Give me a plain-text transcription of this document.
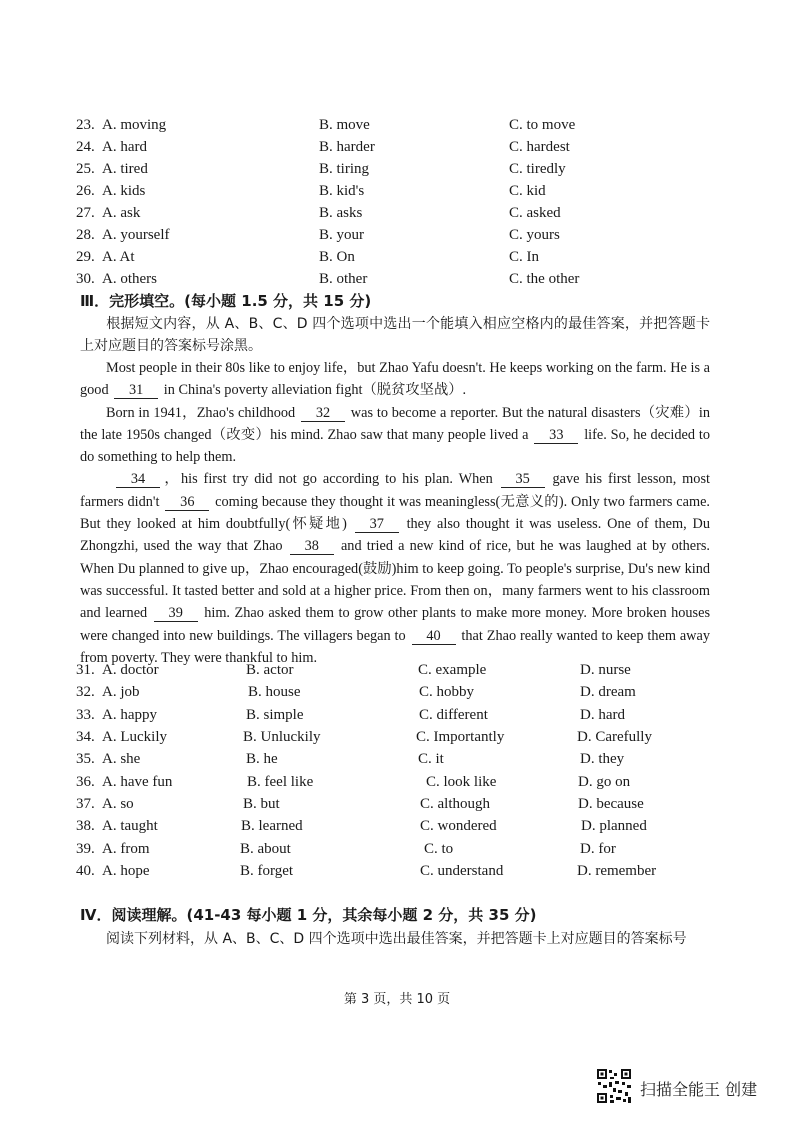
23. A. moving	B. move	C. to move
24. A. hard	B. harder	C. hardest
25. A. tired	B. tiring	C. tiredly
26. A. kids	B. kid's	C. kid
27. A. ask	B. asks	C. asked
28. A. yourself	B. your	C. yours
29. A. At	B. On	C. In
30. A. others	B. other	C. the other
Ⅲ．完形填空。(每小题 1.5 分，共 15 分)
根据短文内容，从 A、B、C、D 四个选项中选出一个能填入相应空格内的最佳答案，并把答题卡上对应题目的答案标号涂黑。
Most people in their 80s like to enjoy life，but Zhao Yafu doesn't. He keeps working on the farm. He is a good 31 in China's poverty alleviation fight（脱贫攻坚战）.
Born in 1941，Zhao's childhood 32 was to become a reporter. But the natural disasters（灾难）in the late 1950s changed（改变）his mind. Zhao saw that many people lived a 33 life. So, he decided to do something to help them.
34 ，his first try did not go according to his plan. When 35 gave his first lesson, most farmers didn't 36 coming because they thought it was meaningless(无意义的). Only two farmers came. But they looked at him doubtfully(怀疑地) 37 they also thought it was useless. One of them, Du Zhongzhi, used the way that Zhao 38 and tried a new kind of rice, but he was laughed at by others. When Du planned to give up，Zhao encouraged(鼓励)him to keep going. To people's surprise, Du's new kind was successful. It tasted better and sold at a higher price. From then on，many farmers went to his classroom and learned 39 him. Zhao asked them to grow other plants to make more money. More broken houses were changed into new buildings. The villagers began to 40 that Zhao really wanted to keep them away from poverty. They were thankful to him.
31. A. doctor	B. actor	C. example	D. nurse
32. A. job	B. house	C. hobby	D. dream
33. A. happy	B. simple	C. different	D. hard
34. A. Luckily	B. Unluckily	C. Importantly	D. Carefully
35. A. she	B. he	C. it	D. they
36. A. have fun	B. feel like	C. look like	D. go on
37. A. so	B. but	C. although	D. because
38. A. taught	B. learned	C. wondered	D. planned
39. A. from	B. about	C. to	D. for
40. A. hope	B. forget	C. understand	D. remember
Ⅳ．阅读理解。(41-43 每小题 1 分，其余每小题 2 分，共 35 分)
阅读下列材料，从 A、B、C、D 四个选项中选出最佳答案，并把答题卡上对应题目的答案标号
第 3 页，共 10 页
扫描全能王 创建
